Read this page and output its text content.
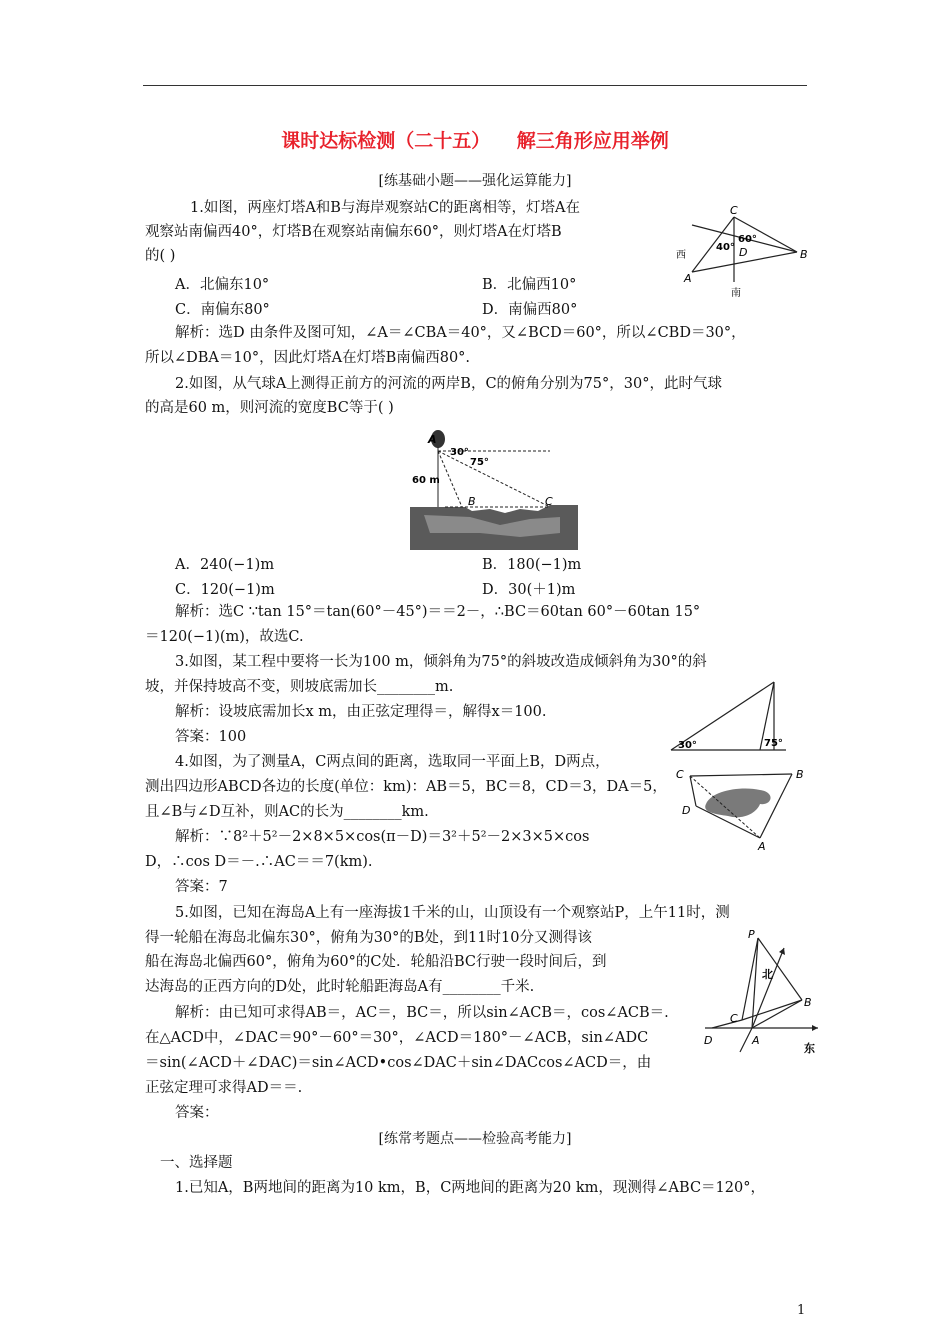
课时达标检测（二十五）    解三角形应用举例
[练基础小题——强化运算能力]
1.如图，两座灯塔A和B与海岸观察站C的距离相等，灯塔A在
观察站南偏西40°，灯塔B在观察站南偏东60°，则灯塔A在灯塔B
的( )
A．北偏东10°	B．北偏西10°
C．南偏东80°	D．南偏西80°
解析：选D 由条件及图可知，∠A＝∠CBA＝40°，又∠BCD＝60°，所以∠CBD＝30°，
所以∠DBA＝10°，因此灯塔A在灯塔B南偏西80°.
C
60°
40° D
西
A
B
南
2.如图，从气球A上测得正前方的河流的两岸B，C的俯角分别为75°，30°，此时气球
的高是60 m，则河流的宽度BC等于( )
A
30°
75°
60 m
B	C
A．240(−1)m	B．180(−1)m
C．120(−1)m	D．30(＋1)m
解析：选C ∵tan 15°＝tan(60°－45°)＝＝2－，∴BC＝60tan 60°－60tan 15°
＝120(−1)(m)，故选C.
3.如图，某工程中要将一长为100 m，倾斜角为75°的斜坡改造成倾斜角为30°的斜
坡，并保持坡高不变，则坡底需加长________m.
解析：设坡底需加长x m，由正弦定理得＝，解得x＝100.
答案：100
30°	75°
4.如图，为了测量A，C两点间的距离，选取同一平面上B，D两点，
测出四边形ABCD各边的长度(单位：km)：AB＝5，BC＝8，CD＝3，DA＝5，
且∠B与∠D互补，则AC的长为________km.
解析：∵8²＋5²－2×8×5×cos(π－D)＝3²＋5²－2×3×5×cos
D，∴cos D＝－.∴AC＝＝7(km).
答案：7
C	B
D
A
5.如图，已知在海岛A上有一座海拔1千米的山，山顶设有一个观察站P，上午11时，测
得一轮船在海岛北偏东30°，俯角为30°的B处，到11时10分又测得该
船在海岛北偏西60°，俯角为60°的C处．轮船沿BC行驶一段时间后，到
达海岛的正西方向的D处，此时轮船距海岛A有________千米.
解析：由已知可求得AB＝，AC＝，BC＝，所以sin∠ACB＝，cos∠ACB＝.
在△ACD中，∠DAC＝90°－60°＝30°，∠ACD＝180°－∠ACB，sin∠ADC
＝sin(∠ACD＋∠DAC)＝sin∠ACD•cos∠DAC＋sin∠DACcos∠ACD＝，由
正弦定理可求得AD＝＝.
答案：
P
北
B
C
D	A
东
[练常考题点——检验高考能力]
一、选择题
1.已知A，B两地间的距离为10 km，B，C两地间的距离为20 km，现测得∠ABC＝120°，
1
